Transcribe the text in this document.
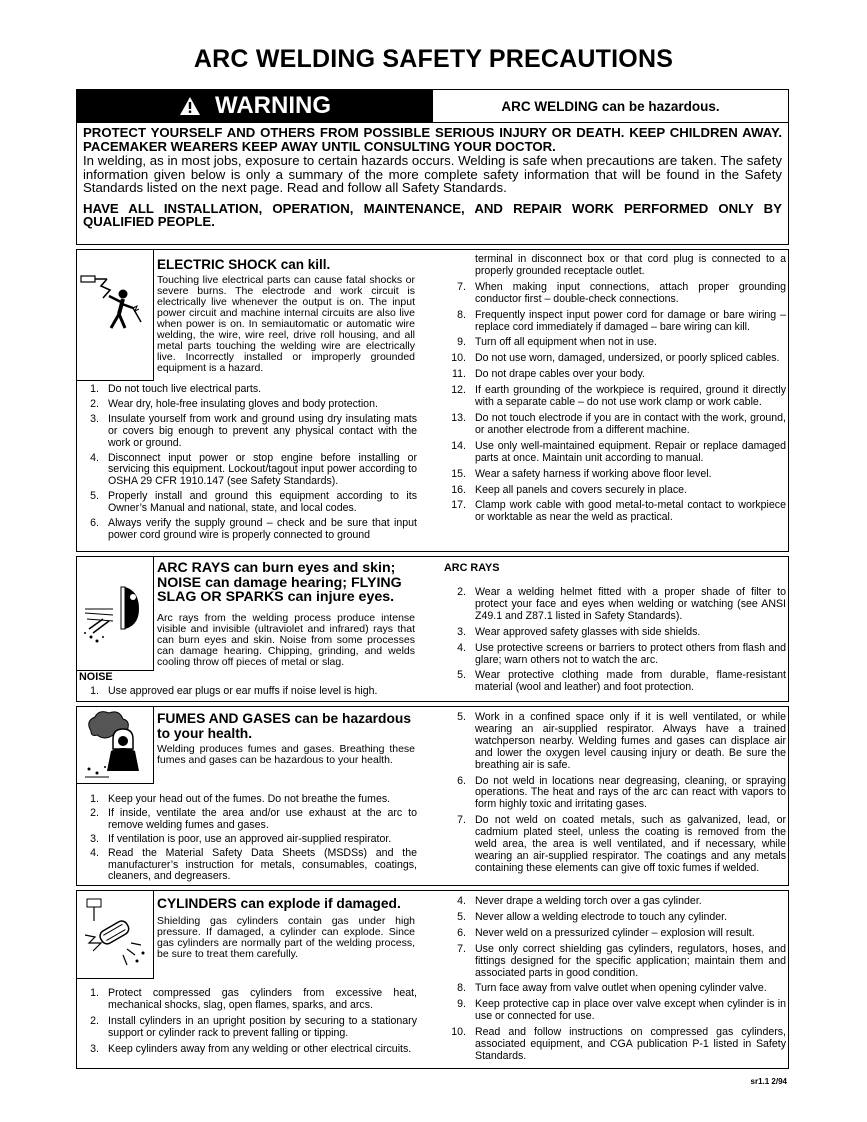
ARC WELDING SAFETY PRECAUTIONS
WARNING	ARC WELDING can be hazardous.
PROTECT YOURSELF AND OTHERS FROM POSSIBLE SERIOUS INJURY OR DEATH. KEEP CHILDREN AWAY. PACEMAKER WEARERS KEEP AWAY UNTIL CONSULTING YOUR DOCTOR.
In welding, as in most jobs, exposure to certain hazards occurs. Welding is safe when precautions are taken. The safety information given below is only a summary of the more complete safety information that will be found in the Safety Standards listed on the next page. Read and follow all Safety Standards.
HAVE ALL INSTALLATION, OPERATION, MAINTENANCE, AND REPAIR WORK PERFORMED ONLY BY QUALIFIED PEOPLE.
ELECTRIC SHOCK can kill.
Touching live electrical parts can cause fatal shocks or severe burns. The electrode and work circuit is electrically live whenever the output is on. The input power circuit and machine internal circuits are also live when power is on. In semiautomatic or automatic wire welding, the wire, wire reel, drive roll housing, and all metal parts touching the welding wire are electrically live. Incorrectly installed or improperly grounded equipment is a hazard.
1. Do not touch live electrical parts.
2. Wear dry, hole-free insulating gloves and body protection.
3. Insulate yourself from work and ground using dry insulating mats or covers big enough to prevent any physical contact with the work or ground.
4. Disconnect input power or stop engine before installing or servicing this equipment. Lockout/tagout input power according to OSHA 29 CFR 1910.147 (see Safety Standards).
5. Properly install and ground this equipment according to its Owner’s Manual and national, state, and local codes.
6. Always verify the supply ground – check and be sure that input power cord ground wire is properly connected to ground
terminal in disconnect box or that cord plug is connected to a properly grounded receptacle outlet.
7. When making input connections, attach proper grounding conductor first – double-check connections.
8. Frequently inspect input power cord for damage or bare wiring – replace cord immediately if damaged – bare wiring can kill.
9. Turn off all equipment when not in use.
10. Do not use worn, damaged, undersized, or poorly spliced cables.
11. Do not drape cables over your body.
12. If earth grounding of the workpiece is required, ground it directly with a separate cable – do not use work clamp or work cable.
13. Do not touch electrode if you are in contact with the work, ground, or another electrode from a different machine.
14. Use only well-maintained equipment. Repair or replace damaged parts at once. Maintain unit according to manual.
15. Wear a safety harness if working above floor level.
16. Keep all panels and covers securely in place.
17. Clamp work cable with good metal-to-metal contact to workpiece or worktable as near the weld as practical.
ARC RAYS can burn eyes and skin; NOISE can damage hearing; FLYING SLAG OR SPARKS can injure eyes.
Arc rays from the welding process produce intense visible and invisible (ultraviolet and infrared) rays that can burn eyes and skin. Noise from some processes can damage hearing. Chipping, grinding, and welds cooling throw off pieces of metal or slag.
NOISE
1. Use approved ear plugs or ear muffs if noise level is high.
ARC RAYS
2. Wear a welding helmet fitted with a proper shade of filter to protect your face and eyes when welding or watching (see ANSI Z49.1 and Z87.1 listed in Safety Standards).
3. Wear approved safety glasses with side shields.
4. Use protective screens or barriers to protect others from flash and glare; warn others not to watch the arc.
5. Wear protective clothing made from durable, flame-resistant material (wool and leather) and foot protection.
FUMES AND GASES can be hazardous to your health.
Welding produces fumes and gases. Breathing these fumes and gases can be hazardous to your health.
1. Keep your head out of the fumes. Do not breathe the fumes.
2. If inside, ventilate the area and/or use exhaust at the arc to remove welding fumes and gases.
3. If ventilation is poor, use an approved air-supplied respirator.
4. Read the Material Safety Data Sheets (MSDSs) and the manufacturer’s instruction for metals, consumables, coatings, cleaners, and degreasers.
5. Work in a confined space only if it is well ventilated, or while wearing an air-supplied respirator. Always have a trained watchperson nearby. Welding fumes and gases can displace air and lower the oxygen level causing injury or death. Be sure the breathing air is safe.
6. Do not weld in locations near degreasing, cleaning, or spraying operations. The heat and rays of the arc can react with vapors to form highly toxic and irritating gases.
7. Do not weld on coated metals, such as galvanized, lead, or cadmium plated steel, unless the coating is removed from the weld area, the area is well ventilated, and if necessary, while wearing an air-supplied respirator. The coatings and any metals containing these elements can give off toxic fumes if welded.
CYLINDERS can explode if damaged.
Shielding gas cylinders contain gas under high pressure. If damaged, a cylinder can explode. Since gas cylinders are normally part of the welding process, be sure to treat them carefully.
1. Protect compressed gas cylinders from excessive heat, mechanical shocks, slag, open flames, sparks, and arcs.
2. Install cylinders in an upright position by securing to a stationary support or cylinder rack to prevent falling or tipping.
3. Keep cylinders away from any welding or other electrical circuits.
4. Never drape a welding torch over a gas cylinder.
5. Never allow a welding electrode to touch any cylinder.
6. Never weld on a pressurized cylinder – explosion will result.
7. Use only correct shielding gas cylinders, regulators, hoses, and fittings designed for the specific application; maintain them and associated parts in good condition.
8. Turn face away from valve outlet when opening cylinder valve.
9. Keep protective cap in place over valve except when cylinder is in use or connected for use.
10. Read and follow instructions on compressed gas cylinders, associated equipment, and CGA publication P-1 listed in Safety Standards.
sr1.1 2/94
